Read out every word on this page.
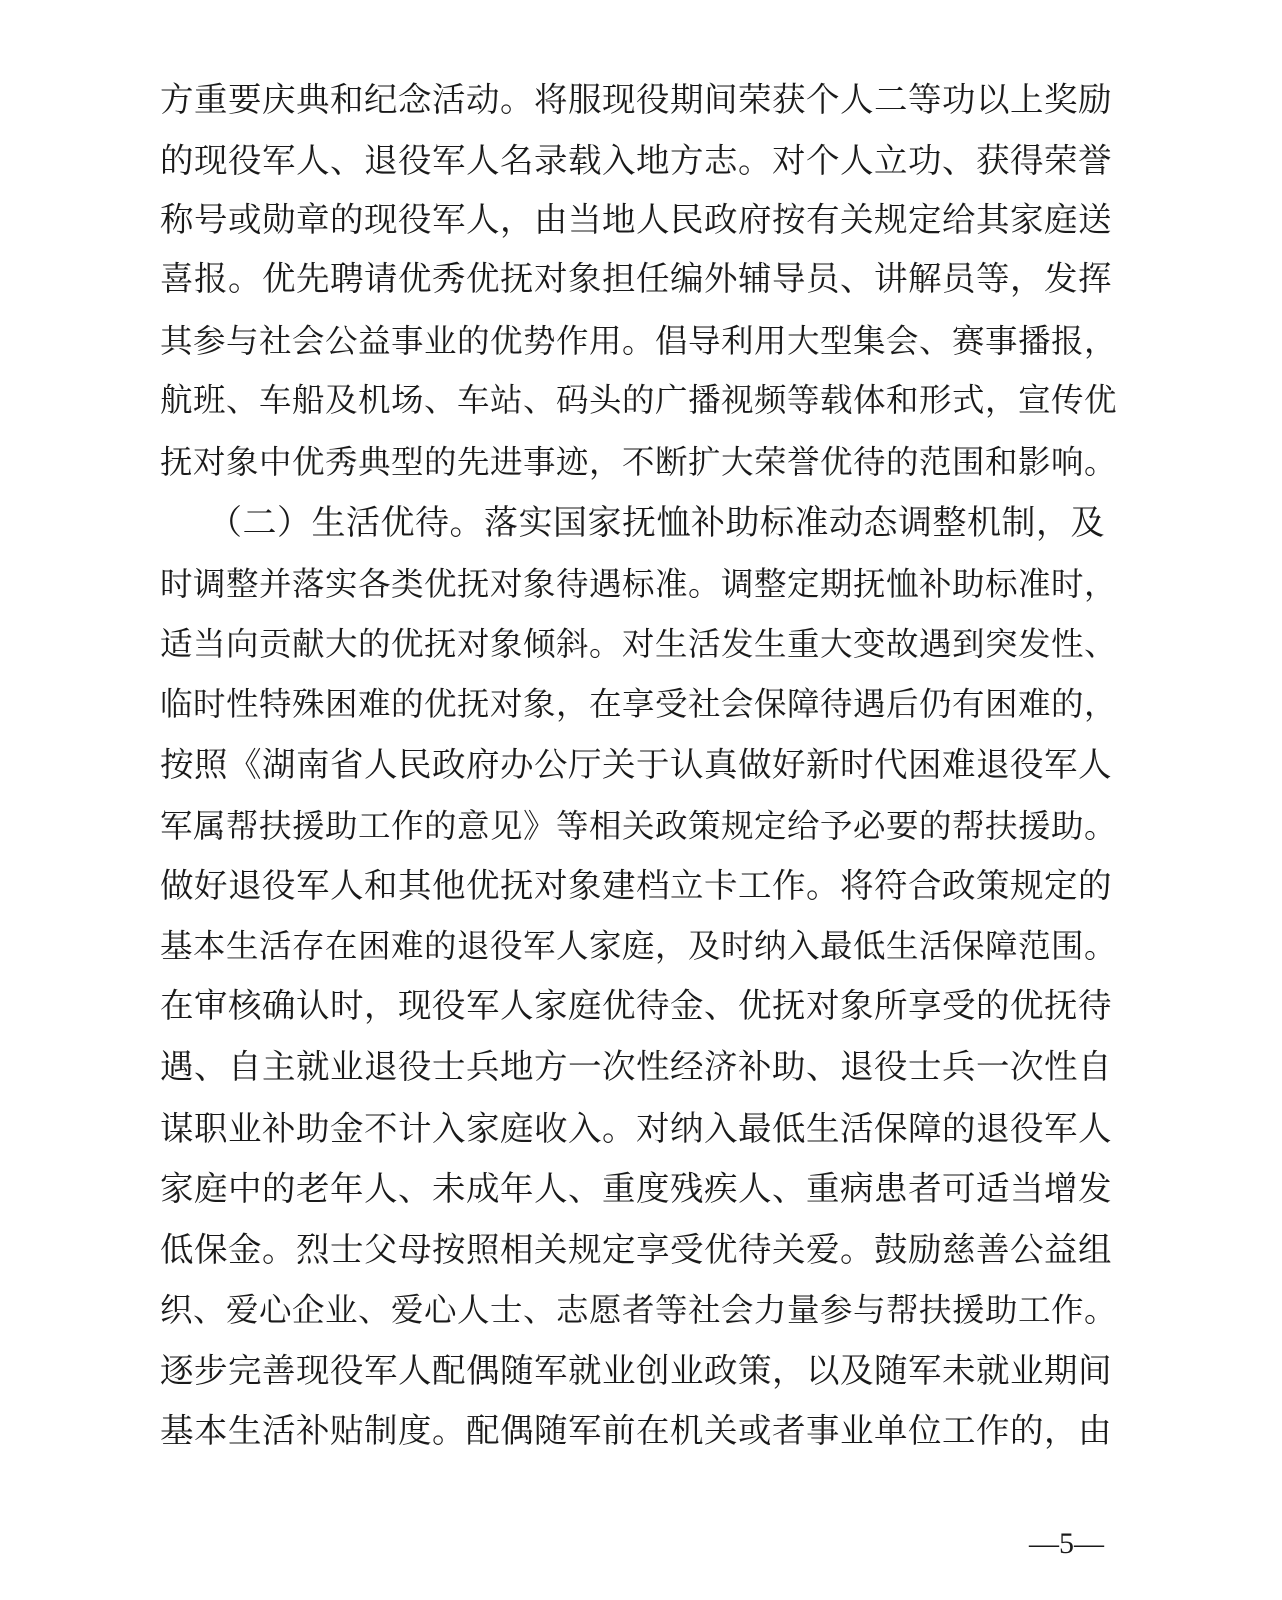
方重要庆典和纪念活动。将服现役期间荣获个人二等功以上奖励
的现役军人、退役军人名录载入地方志。对个人立功、获得荣誉
称号或勋章的现役军人，由当地人民政府按有关规定给其家庭送
喜报。优先聘请优秀优抚对象担任编外辅导员、讲解员等，发挥
其参与社会公益事业的优势作用。倡导利用大型集会、赛事播报，
航班、车船及机场、车站、码头的广播视频等载体和形式，宣传优
抚对象中优秀典型的先进事迹，不断扩大荣誉优待的范围和影响。
（二）生活优待。落实国家抚恤补助标准动态调整机制，及
时调整并落实各类优抚对象待遇标准。调整定期抚恤补助标准时，
适当向贡献大的优抚对象倾斜。对生活发生重大变故遇到突发性、
临时性特殊困难的优抚对象，在享受社会保障待遇后仍有困难的，
按照《湖南省人民政府办公厅关于认真做好新时代困难退役军人
军属帮扶援助工作的意见》等相关政策规定给予必要的帮扶援助。
做好退役军人和其他优抚对象建档立卡工作。将符合政策规定的
基本生活存在困难的退役军人家庭，及时纳入最低生活保障范围。
在审核确认时，现役军人家庭优待金、优抚对象所享受的优抚待
遇、自主就业退役士兵地方一次性经济补助、退役士兵一次性自
谋职业补助金不计入家庭收入。对纳入最低生活保障的退役军人
家庭中的老年人、未成年人、重度残疾人、重病患者可适当增发
低保金。烈士父母按照相关规定享受优待关爱。鼓励慈善公益组
织、爱心企业、爱心人士、志愿者等社会力量参与帮扶援助工作。
逐步完善现役军人配偶随军就业创业政策，以及随军未就业期间
基本生活补贴制度。配偶随军前在机关或者事业单位工作的，由
—5—
